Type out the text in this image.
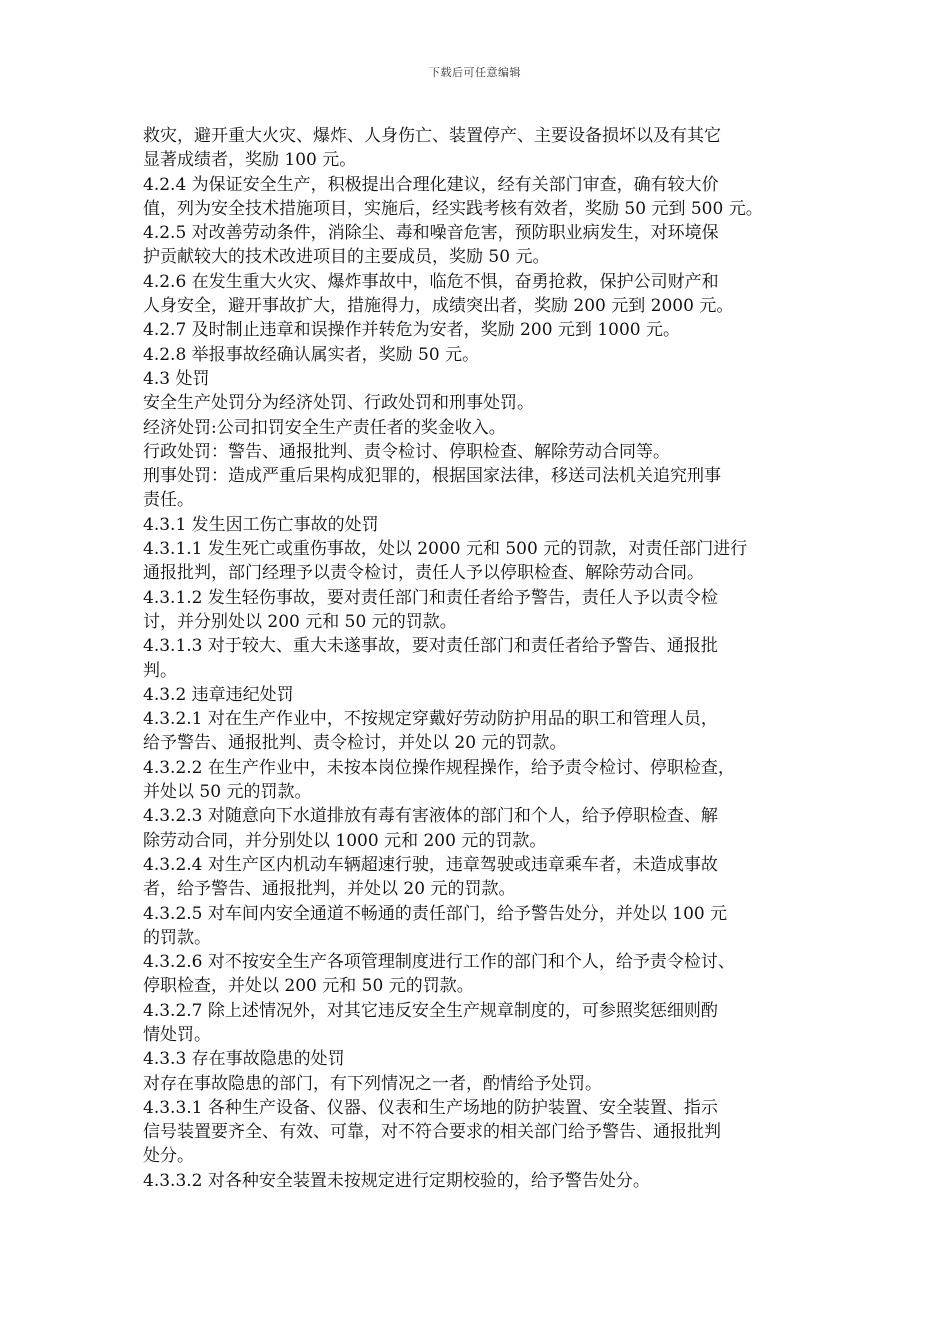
下载后可任意编辑
救灾，避开重大火灾、爆炸、人身伤亡、装置停产、主要设备损坏以及有其它
显著成绩者，奖励 100 元。
4.2.4 为保证安全生产，积极提出合理化建议，经有关部门审查，确有较大价
值，列为安全技术措施项目，实施后，经实践考核有效者，奖励 50 元到 500 元。
4.2.5 对改善劳动条件，消除尘、毒和噪音危害，预防职业病发生，对环境保
护贡献较大的技术改进项目的主要成员，奖励 50 元。
4.2.6 在发生重大火灾、爆炸事故中，临危不惧，奋勇抢救，保护公司财产和
人身安全，避开事故扩大，措施得力，成绩突出者，奖励 200 元到 2000 元。
4.2.7 及时制止违章和误操作并转危为安者，奖励 200 元到 1000 元。
4.2.8 举报事故经确认属实者，奖励 50 元。
4.3 处罚
安全生产处罚分为经济处罚、行政处罚和刑事处罚。
经济处罚:公司扣罚安全生产责任者的奖金收入。
行政处罚：警告、通报批判、责令检讨、停职检查、解除劳动合同等。
刑事处罚：造成严重后果构成犯罪的，根据国家法律，移送司法机关追究刑事
责任。
4.3.1 发生因工伤亡事故的处罚
4.3.1.1 发生死亡或重伤事故，处以 2000 元和 500 元的罚款，对责任部门进行
通报批判，部门经理予以责令检讨，责任人予以停职检查、解除劳动合同。
4.3.1.2 发生轻伤事故，要对责任部门和责任者给予警告，责任人予以责令检
讨，并分别处以 200 元和 50 元的罚款。
4.3.1.3 对于较大、重大未遂事故，要对责任部门和责任者给予警告、通报批
判。
4.3.2 违章违纪处罚
4.3.2.1 对在生产作业中，不按规定穿戴好劳动防护用品的职工和管理人员，
给予警告、通报批判、责令检讨，并处以 20 元的罚款。
4.3.2.2 在生产作业中，未按本岗位操作规程操作，给予责令检讨、停职检查，
并处以 50 元的罚款。
4.3.2.3 对随意向下水道排放有毒有害液体的部门和个人，给予停职检查、解
除劳动合同，并分别处以 1000 元和 200 元的罚款。
4.3.2.4 对生产区内机动车辆超速行驶，违章驾驶或违章乘车者，未造成事故
者，给予警告、通报批判，并处以 20 元的罚款。
4.3.2.5 对车间内安全通道不畅通的责任部门，给予警告处分，并处以 100 元
的罚款。
4.3.2.6 对不按安全生产各项管理制度进行工作的部门和个人，给予责令检讨、
停职检查，并处以 200 元和 50 元的罚款。
4.3.2.7 除上述情况外，对其它违反安全生产规章制度的，可参照奖惩细则酌
情处罚。
4.3.3 存在事故隐患的处罚
对存在事故隐患的部门，有下列情况之一者，酌情给予处罚。
4.3.3.1 各种生产设备、仪器、仪表和生产场地的防护装置、安全装置、指示
信号装置要齐全、有效、可靠，对不符合要求的相关部门给予警告、通报批判
处分。
4.3.3.2 对各种安全装置未按规定进行定期校验的，给予警告处分。
